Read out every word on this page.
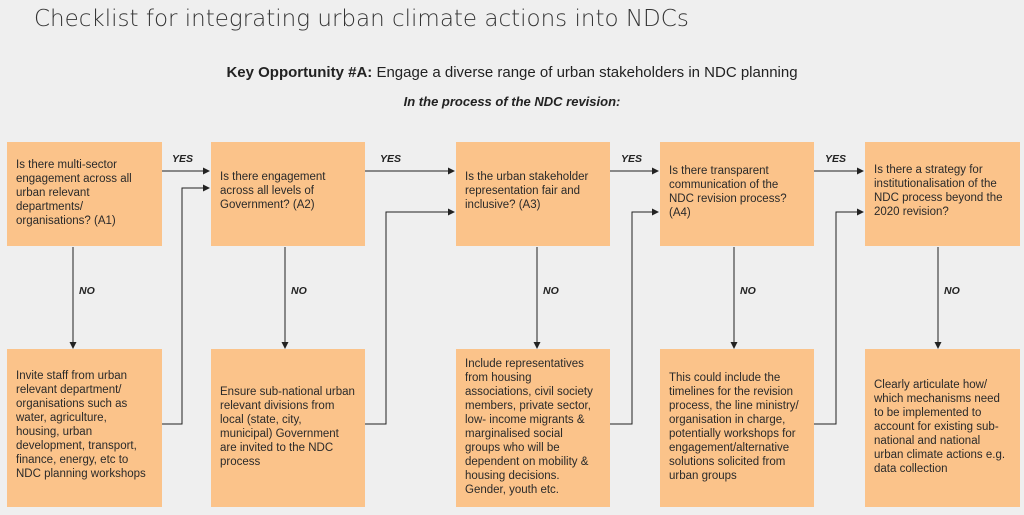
Checklist for integrating urban climate actions into NDCs
Key Opportunity #A: Engage a diverse range of urban stakeholders in NDC planning
In the process of the NDC revision:
YES	YES	YES	YES
NO	NO	NO	NO	NO
Is there multi-sector engagement across all urban relevant departments/ organisations? (A1)
Is there engagement across all levels of Government? (A2)
Is the urban stakeholder representation fair and inclusive? (A3)
Is there transparent communication of the NDC revision process? (A4)
Is there a strategy for institutionalisation of the NDC process beyond the 2020 revision?
Invite staff from urban relevant department/ organisations such as water, agriculture, housing, urban development, transport, finance, energy, etc to NDC planning workshops
Ensure sub-national urban relevant divisions from local (state, city, municipal) Government are invited to the NDC process
Include representatives from housing associations, civil society members, private sector, low- income migrants & marginalised social groups who will be dependent on mobility & housing decisions. Gender, youth etc.
This could include the timelines for the revision process, the line ministry/ organisation in charge, potentially workshops for engagement/alternative solutions solicited from urban groups
Clearly articulate how/ which mechanisms need to be implemented to account for existing sub-national and national urban climate actions e.g. data collection
